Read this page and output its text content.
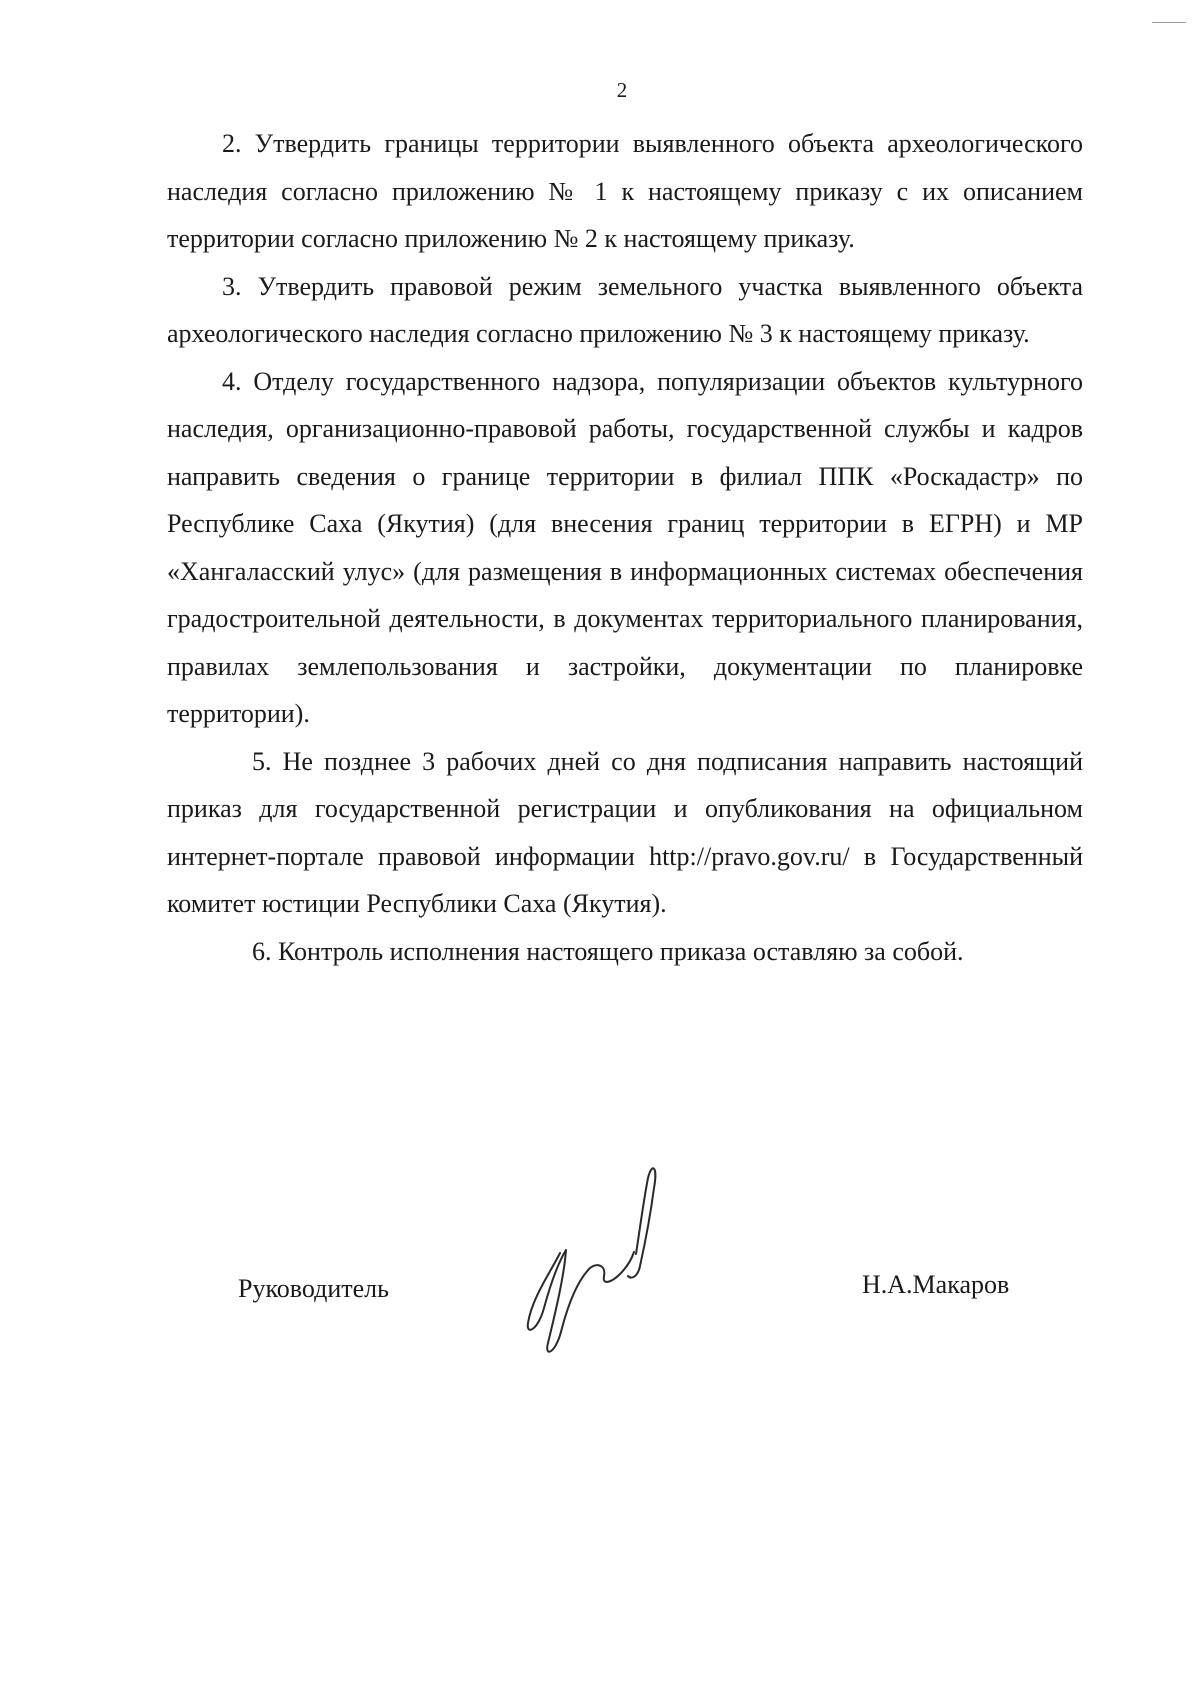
2

2. Утвердить границы территории выявленного объекта археологического наследия согласно приложению № 1 к настоящему приказу с их описанием территории согласно приложению № 2 к настоящему приказу.

3. Утвердить правовой режим земельного участка выявленного объекта археологического наследия согласно приложению № 3 к настоящему приказу.

4. Отделу государственного надзора, популяризации объектов культурного наследия, организационно-правовой работы, государственной службы и кадров направить сведения о границе территории в филиал ППК «Роскадастр» по Республике Саха (Якутия) (для внесения границ территории в ЕГРН) и МР «Хангаласский улус» (для размещения в информационных системах обеспечения градостроительной деятельности, в документах территориального планирования, правилах землепользования и застройки, документации по планировке территории).

5. Не позднее 3 рабочих дней со дня подписания направить настоящий приказ для государственной регистрации и опубликования на официальном интернет-портале правовой информации http://pravo.gov.ru/ в Государственный комитет юстиции Республики Саха (Якутия).

6. Контроль исполнения настоящего приказа оставляю за собой.

Руководитель	Н.А.Макаров
